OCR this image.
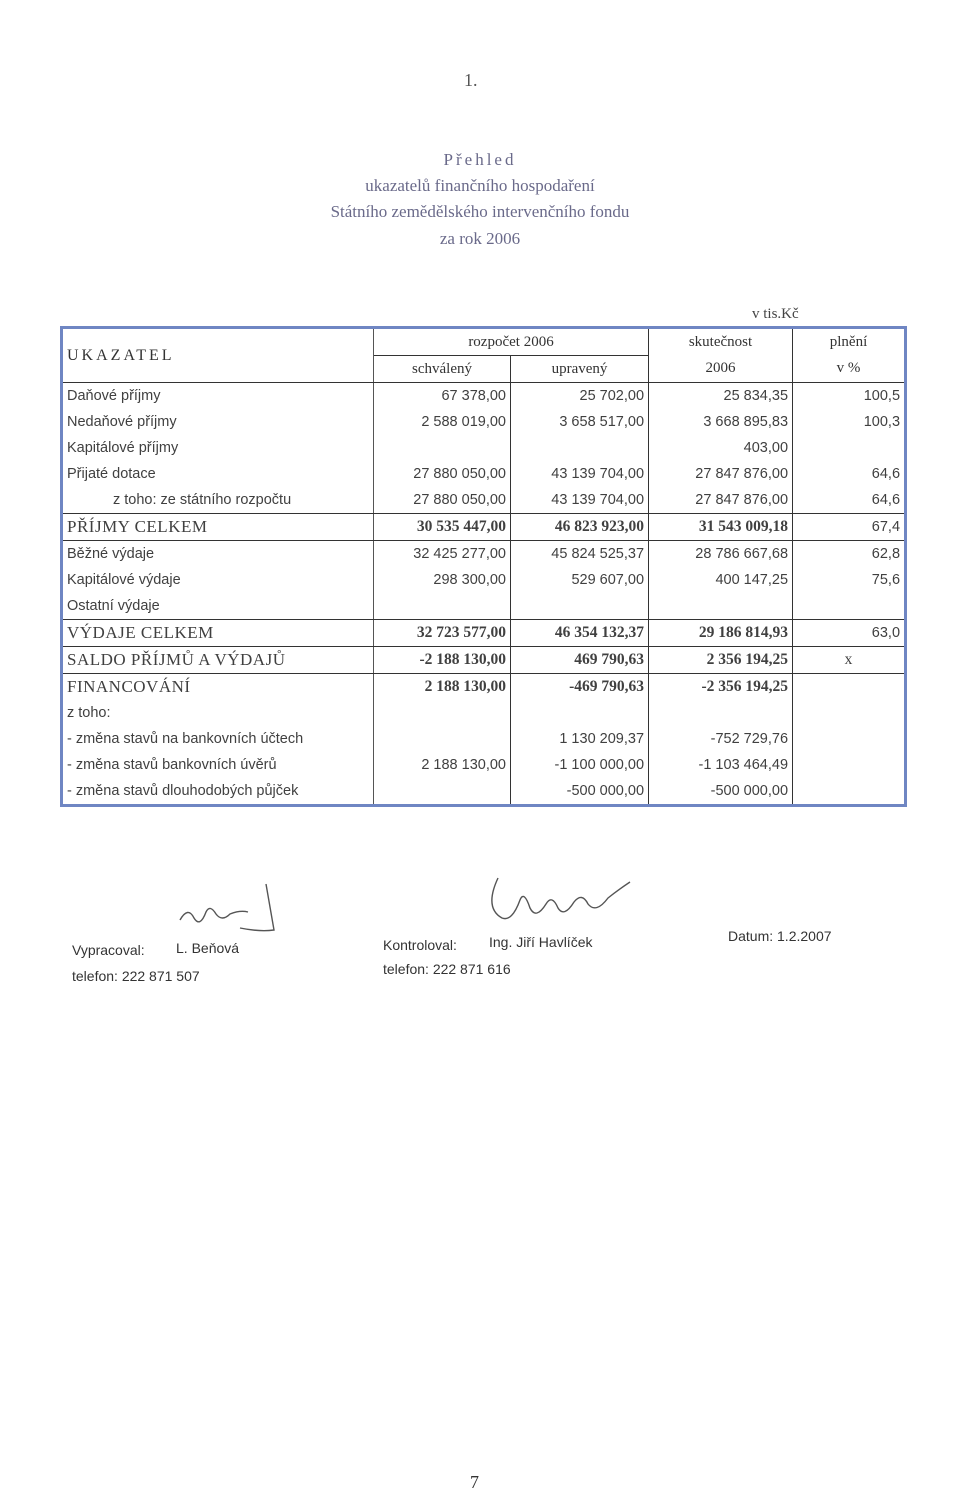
1.
Přehled
ukazatelů finančního hospodaření
Státního zemědělského intervenčního fondu
za rok 2006
v tis.Kč
UKAZATEL	rozpočet 2006		skutečnost	plnění
	schválený	upravený	2006	v %
Daňové příjmy	67 378,00	25 702,00	25 834,35	100,5
Nedaňové příjmy	2 588 019,00	3 658 517,00	3 668 895,83	100,3
Kapitálové příjmy			403,00	
Přijaté dotace	27 880 050,00	43 139 704,00	27 847 876,00	64,6
z toho: ze státního rozpočtu	27 880 050,00	43 139 704,00	27 847 876,00	64,6
PŘÍJMY CELKEM	30 535 447,00	46 823 923,00	31 543 009,18	67,4
Běžné výdaje	32 425 277,00	45 824 525,37	28 786 667,68	62,8
Kapitálové výdaje	298 300,00	529 607,00	400 147,25	75,6
Ostatní výdaje				
VÝDAJE CELKEM	32 723 577,00	46 354 132,37	29 186 814,93	63,0
SALDO PŘÍJMŮ A VÝDAJŮ	-2 188 130,00	469 790,63	2 356 194,25	x
FINANCOVÁNÍ	2 188 130,00	-469 790,63	-2 356 194,25	
z toho:				
- změna stavů na bankovních účtech		1 130 209,37	-752 729,76	
- změna stavů bankovních úvěrů	2 188 130,00	-1 100 000,00	-1 103 464,49	
- změna stavů dlouhodobých půjček		-500 000,00	-500 000,00	
Vypracoval: L. Beňová
telefon: 222 871 507
Kontroloval: Ing. Jiří Havlíček
telefon: 222 871 616
Datum: 1.2.2007
7
